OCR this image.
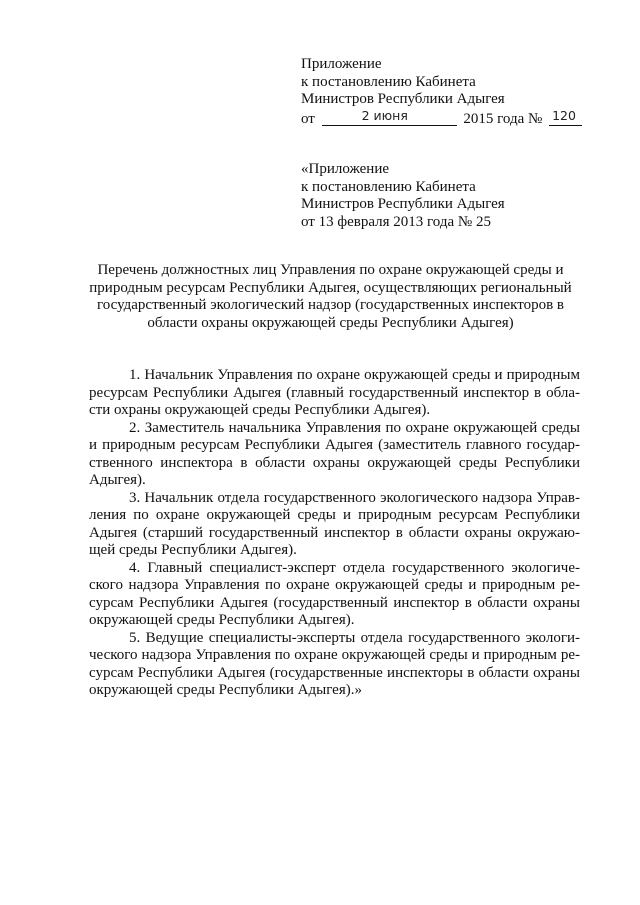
Приложение
к постановлению Кабинета
Министров Республики Адыгея
от	2 июня	2015 года № 120
«Приложение
к постановлению Кабинета
Министров Республики Адыгея
от 13 февраля 2013 года № 25
Перечень должностных лиц Управления по охране окружающей среды и
природным ресурсам Республики Адыгея, осуществляющих региональный
государственный экологический надзор (государственных инспекторов в
области охраны окружающей среды Республики Адыгея)
1. Начальник Управления по охране окружающей среды и природным
ресурсам Республики Адыгея (главный государственный инспектор в обла-
сти охраны окружающей среды Республики Адыгея).
2. Заместитель начальника Управления по охране окружающей среды
и природным ресурсам Республики Адыгея (заместитель главного государ-
ственного инспектора в области охраны окружающей среды Республики
Адыгея).
3. Начальник отдела государственного экологического надзора Управ-
ления по охране окружающей среды и природным ресурсам Республики
Адыгея (старший государственный инспектор в области охраны окружаю-
щей среды Республики Адыгея).
4. Главный специалист-эксперт отдела государственного экологиче-
ского надзора Управления по охране окружающей среды и природным ре-
сурсам Республики Адыгея (государственный инспектор в области охраны
окружающей среды Республики Адыгея).
5. Ведущие специалисты-эксперты отдела государственного экологи-
ческого надзора Управления по охране окружающей среды и природным ре-
сурсам Республики Адыгея (государственные инспекторы в области охраны
окружающей среды Республики Адыгея).»
